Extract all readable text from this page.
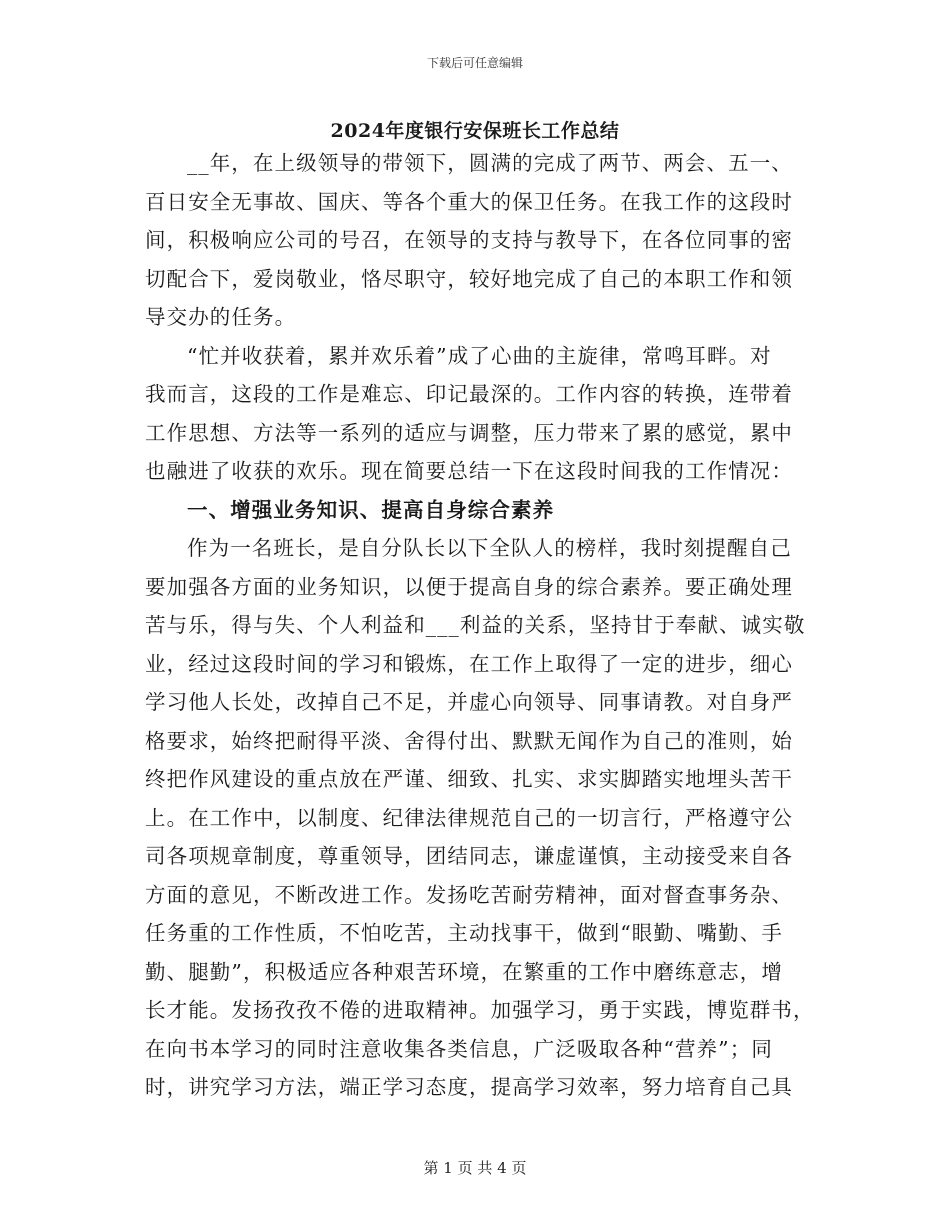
下载后可任意编辑
2024年度银行安保班长工作总结
__年，在上级领导的带领下，圆满的完成了两节、两会、五一、
百日安全无事故、国庆、等各个重大的保卫任务。在我工作的这段时
间，积极响应公司的号召，在领导的支持与教导下，在各位同事的密
切配合下，爱岗敬业，恪尽职守，较好地完成了自己的本职工作和领
导交办的任务。
“忙并收获着，累并欢乐着”成了心曲的主旋律，常鸣耳畔。对
我而言，这段的工作是难忘、印记最深的。工作内容的转换，连带着
工作思想、方法等一系列的适应与调整，压力带来了累的感觉，累中
也融进了收获的欢乐。现在简要总结一下在这段时间我的工作情况：
一、增强业务知识、提高自身综合素养
作为一名班长，是自分队长以下全队人的榜样，我时刻提醒自己
要加强各方面的业务知识，以便于提高自身的综合素养。要正确处理
苦与乐，得与失、个人利益和___利益的关系，坚持甘于奉献、诚实敬
业，经过这段时间的学习和锻炼，在工作上取得了一定的进步，细心
学习他人长处，改掉自己不足，并虚心向领导、同事请教。对自身严
格要求，始终把耐得平淡、舍得付出、默默无闻作为自己的准则，始
终把作风建设的重点放在严谨、细致、扎实、求实脚踏实地埋头苦干
上。在工作中，以制度、纪律法律规范自己的一切言行，严格遵守公
司各项规章制度，尊重领导，团结同志，谦虚谨慎，主动接受来自各
方面的意见，不断改进工作。发扬吃苦耐劳精神，面对督查事务杂、
任务重的工作性质，不怕吃苦，主动找事干，做到“眼勤、嘴勤、手
勤、腿勤”，积极适应各种艰苦环境，在繁重的工作中磨练意志，增
长才能。发扬孜孜不倦的进取精神。加强学习，勇于实践，博览群书，
在向书本学习的同时注意收集各类信息，广泛吸取各种“营养”；同
时，讲究学习方法，端正学习态度，提高学习效率，努力培育自己具
第 1 页 共 4 页
